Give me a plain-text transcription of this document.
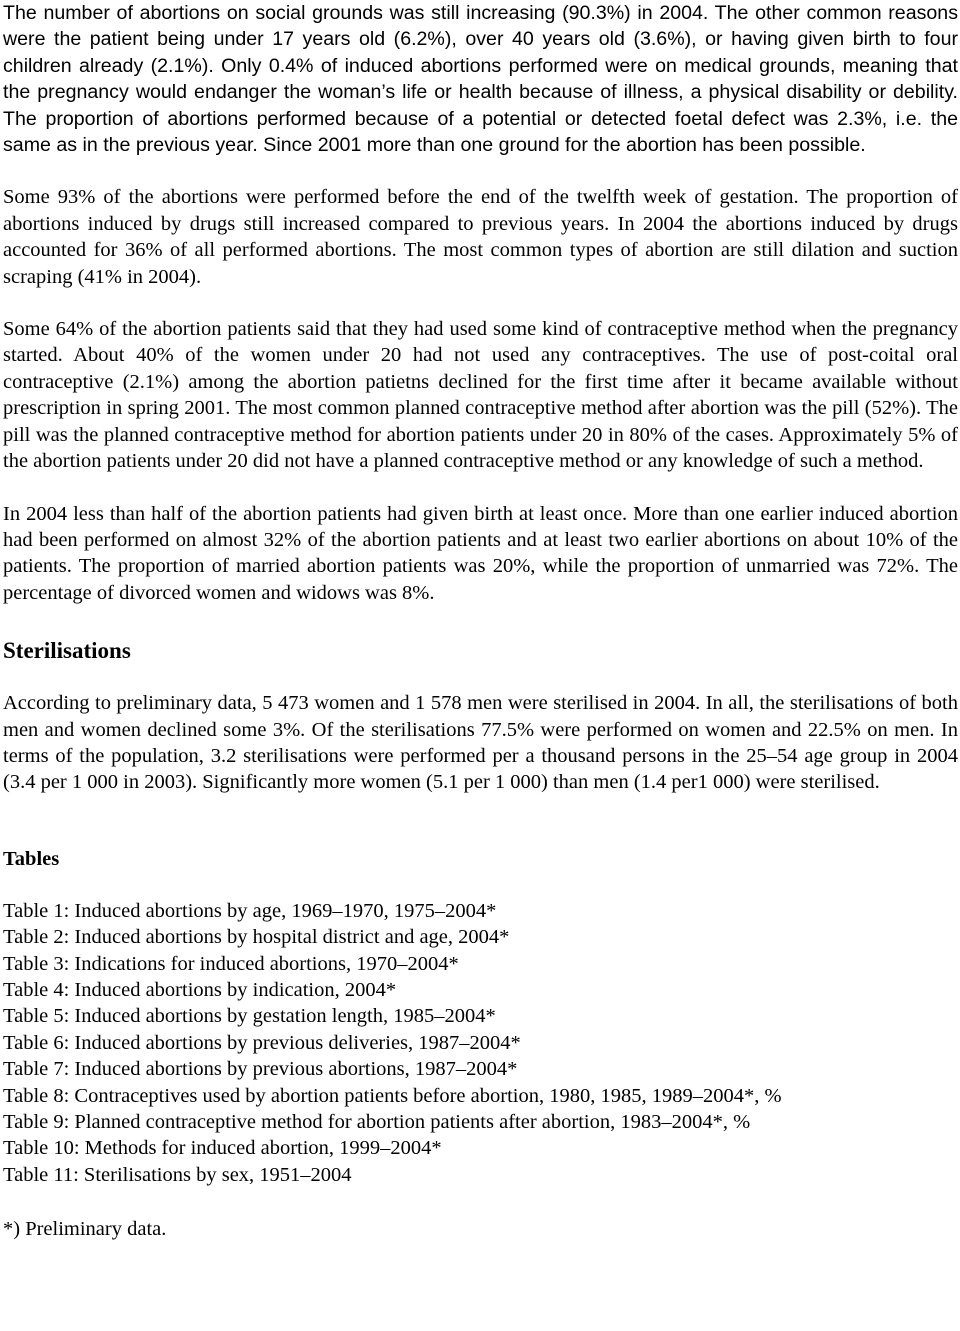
The number of abortions on social grounds was still increasing (90.3%) in 2004. The other common reasons were the patient being under 17 years old (6.2%), over 40 years old (3.6%), or having given birth to four children already (2.1%). Only 0.4% of induced abortions performed were on medical grounds, meaning that the pregnancy would endanger the woman’s life or health because of illness, a physical disability or debility. The proportion of abortions performed because of a potential or detected foetal defect was 2.3%, i.e. the same as in the previous year. Since 2001 more than one ground for the abortion has been possible.

Some 93% of the abortions were performed before the end of the twelfth week of gestation. The proportion of abortions induced by drugs still increased compared to previous years. In 2004 the abortions induced by drugs accounted for 36% of all performed abortions. The most common types of abortion are still dilation and suction scraping (41% in 2004).

Some 64% of the abortion patients said that they had used some kind of contraceptive method when the pregnancy started. About 40% of the women under 20 had not used any contraceptives. The use of post-coital oral contraceptive (2.1%) among the abortion patietns declined for the first time after it became available without prescription in spring 2001. The most common planned contraceptive method after abortion was the pill (52%). The pill was the planned contraceptive method for abortion patients under 20 in 80% of the cases. Approximately 5% of the abortion patients under 20 did not have a planned contraceptive method or any knowledge of such a method.

In 2004 less than half of the abortion patients had given birth at least once. More than one earlier induced abortion had been performed on almost 32% of the abortion patients and at least two earlier abortions on about 10% of the patients. The proportion of married abortion patients was 20%, while the proportion of unmarried was 72%. The percentage of divorced women and widows was 8%.

Sterilisations

According to preliminary data, 5 473 women and 1 578 men were sterilised in 2004. In all, the sterilisations of both men and women declined some 3%. Of the sterilisations 77.5% were performed on women and 22.5% on men. In terms of the population, 3.2 sterilisations were performed per a thousand persons in the 25–54 age group in 2004 (3.4 per 1 000 in 2003). Significantly more women (5.1 per 1 000) than men (1.4 per1 000) were sterilised.

Tables
Table 1: Induced abortions by age, 1969–1970, 1975–2004*
Table 2: Induced abortions by hospital district and age, 2004*
Table 3: Indications for induced abortions, 1970–2004*
Table 4: Induced abortions by indication, 2004*
Table 5: Induced abortions by gestation length, 1985–2004*
Table 6: Induced abortions by previous deliveries, 1987–2004*
Table 7: Induced abortions by previous abortions, 1987–2004*
Table 8: Contraceptives used by abortion patients before abortion, 1980, 1985, 1989–2004*, %
Table 9: Planned contraceptive method for abortion patients after abortion, 1983–2004*, %
Table 10: Methods for induced abortion, 1999–2004*
Table 11: Sterilisations by sex, 1951–2004

*) Preliminary data.
